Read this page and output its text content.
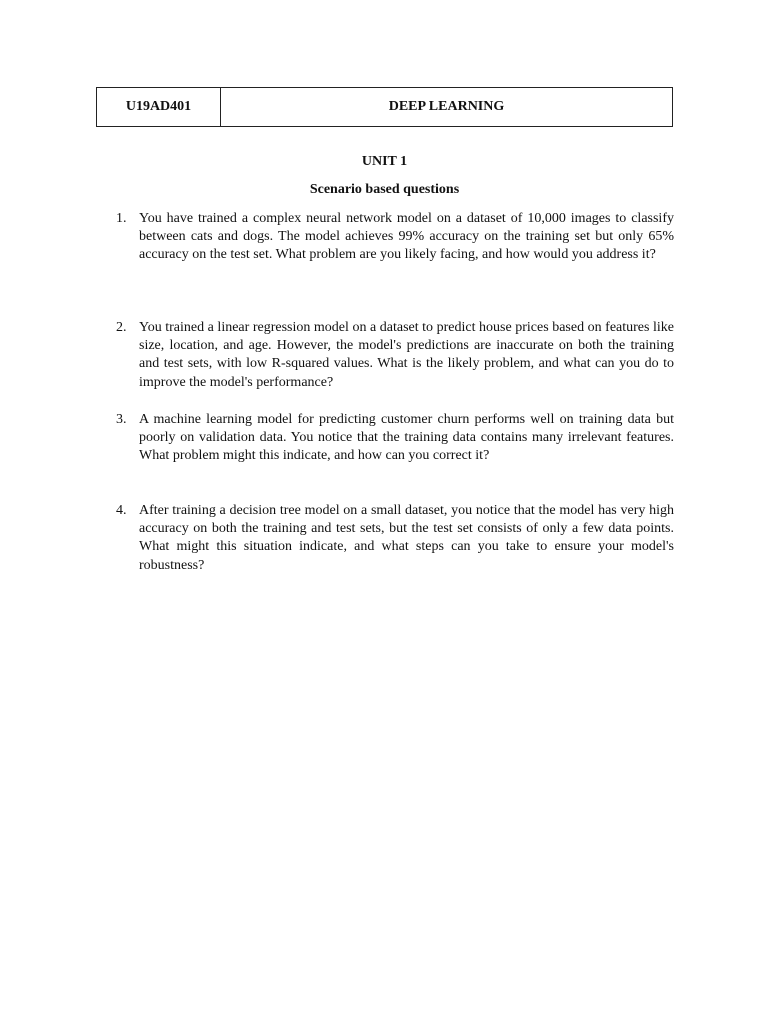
U19AD401	DEEP LEARNING
UNIT 1
Scenario based questions
1. You have trained a complex neural network model on a dataset of 10,000 images to classify between cats and dogs. The model achieves 99% accuracy on the training set but only 65% accuracy on the test set. What problem are you likely facing, and how would you address it?
2. You trained a linear regression model on a dataset to predict house prices based on features like size, location, and age. However, the model's predictions are inaccurate on both the training and test sets, with low R-squared values. What is the likely problem, and what can you do to improve the model's performance?
3. A machine learning model for predicting customer churn performs well on training data but poorly on validation data. You notice that the training data contains many irrelevant features. What problem might this indicate, and how can you correct it?
4. After training a decision tree model on a small dataset, you notice that the model has very high accuracy on both the training and test sets, but the test set consists of only a few data points. What might this situation indicate, and what steps can you take to ensure your model's robustness?
